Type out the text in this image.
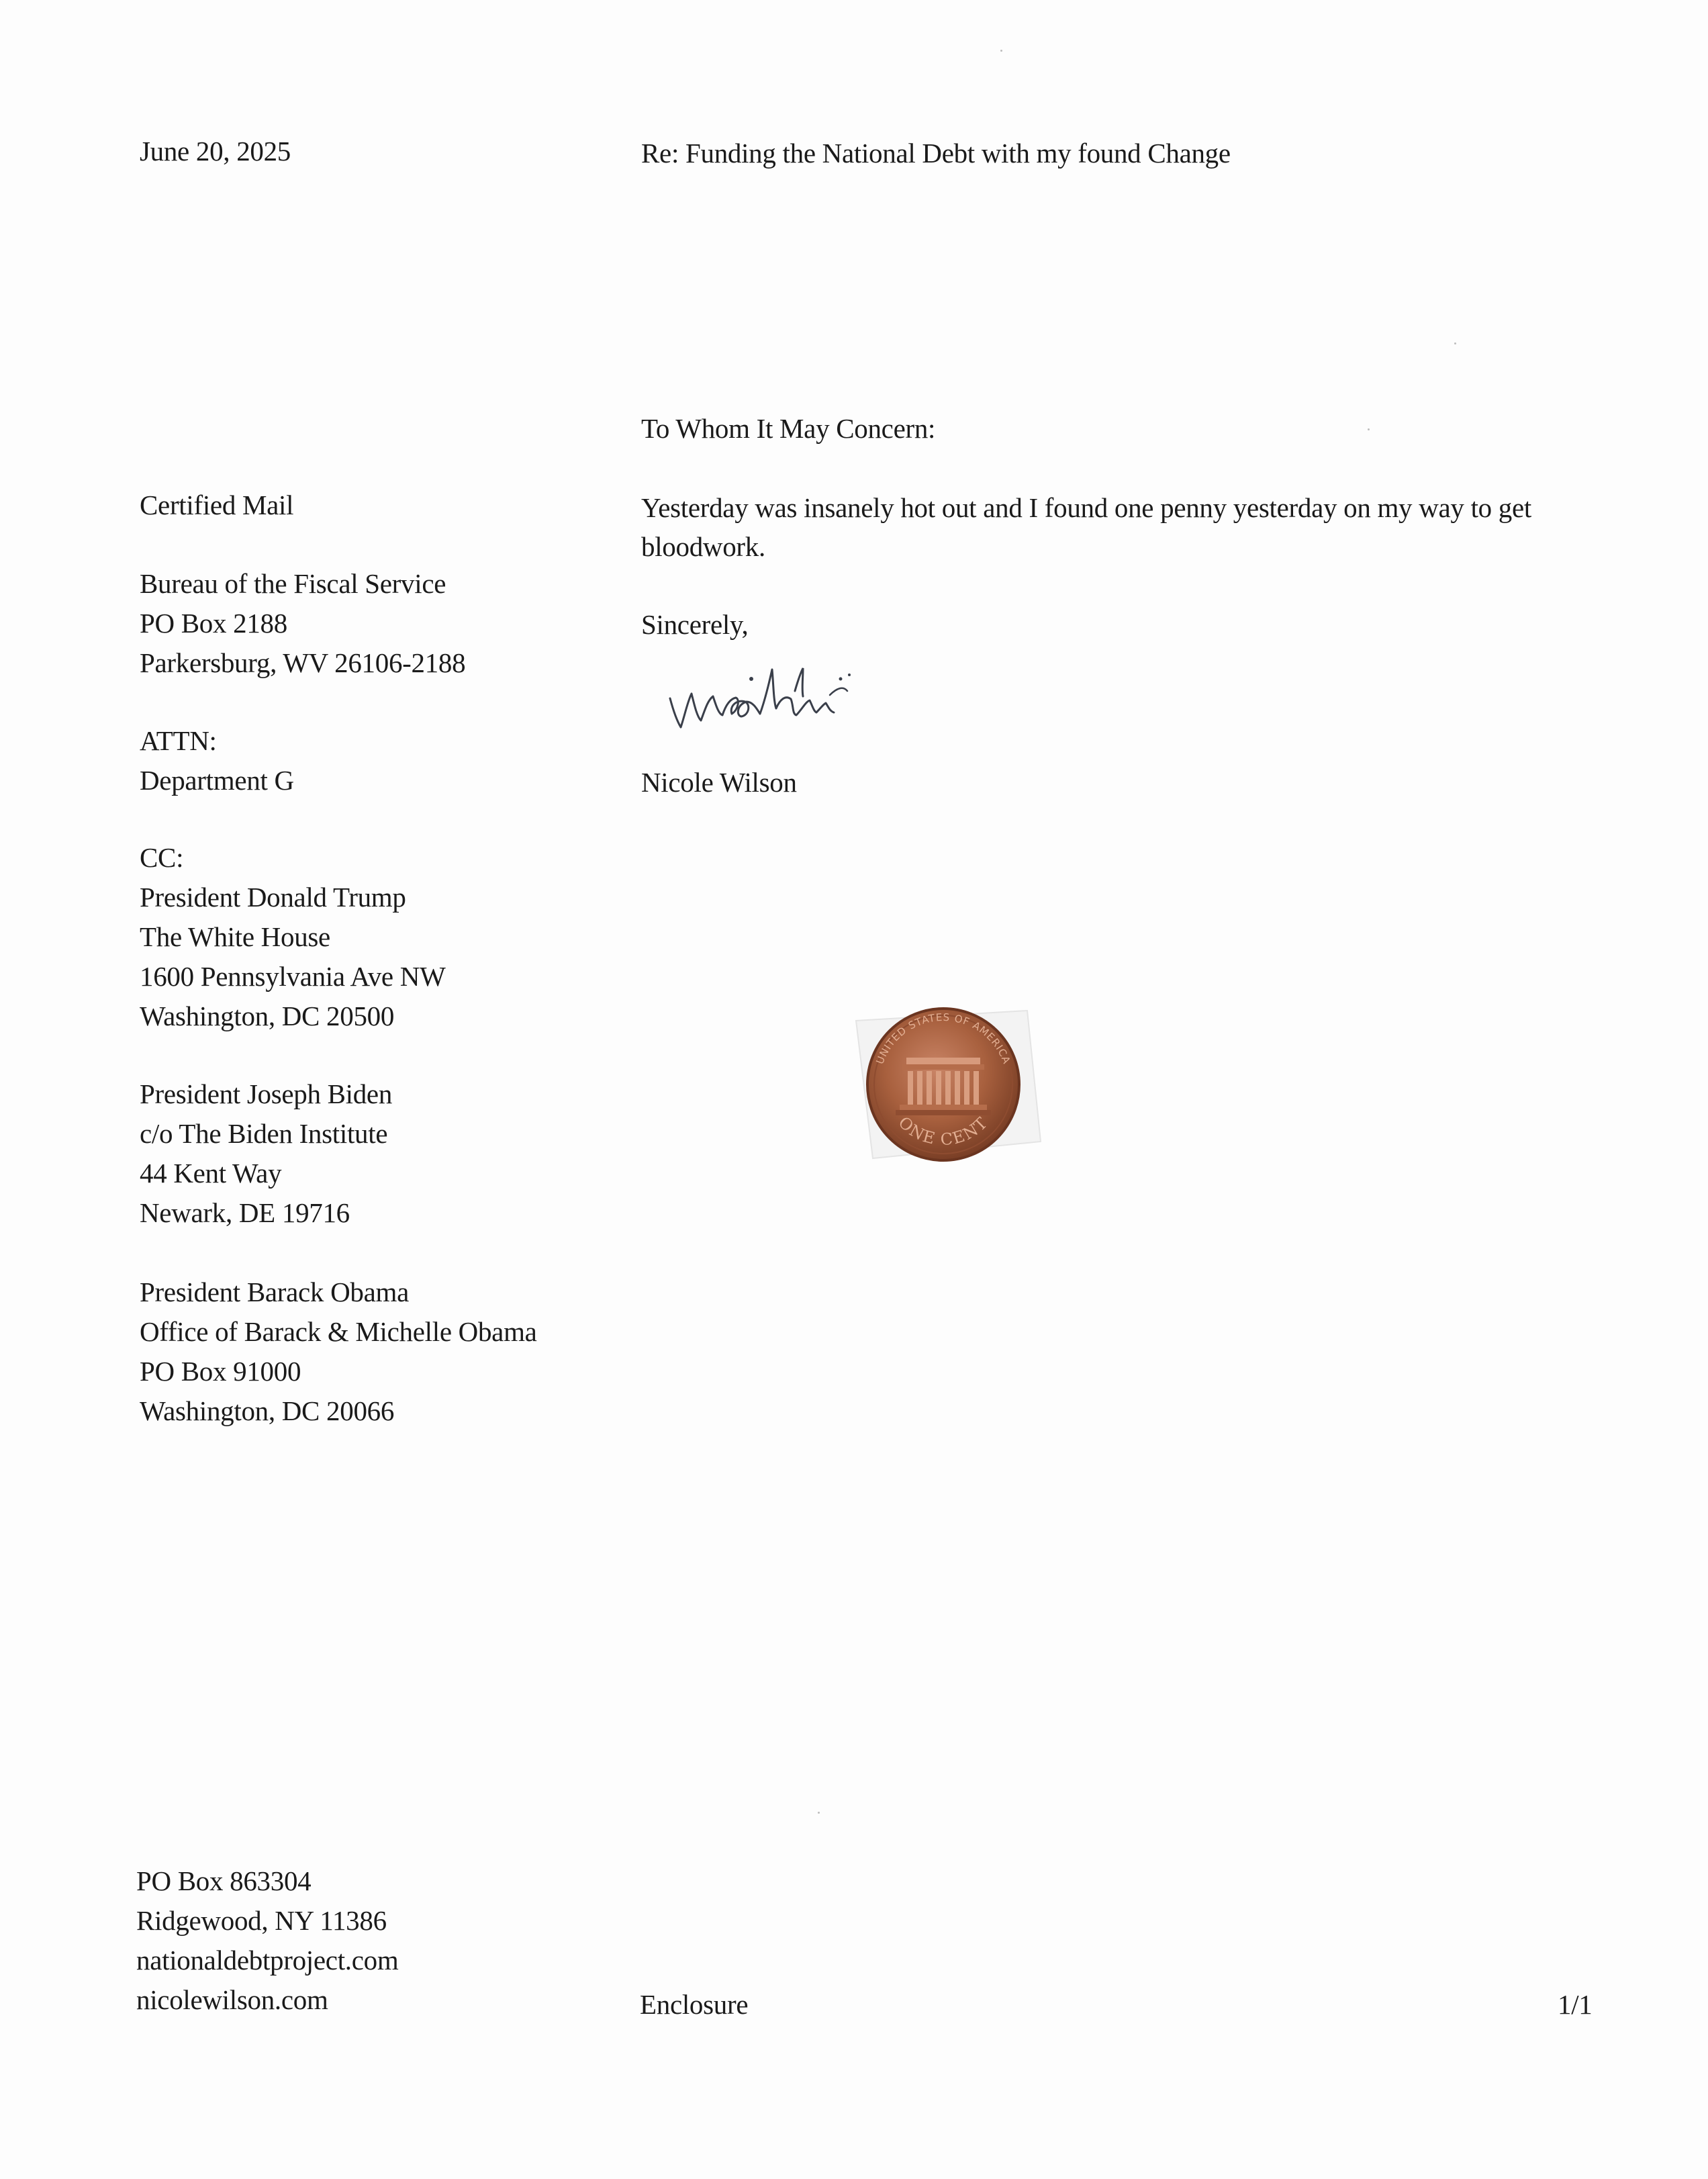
June 20, 2025	Re: Funding the National Debt with my found Change
To Whom It May Concern:
Yesterday was insanely hot out and I found one penny yesterday on my way to get bloodwork.
Sincerely,
Nicole Wilson
Certified Mail
Bureau of the Fiscal Service
PO Box 2188
Parkersburg, WV 26106-2188
ATTN:
Department G
CC:
President Donald Trump
The White House
1600 Pennsylvania Ave NW
Washington, DC 20500
President Joseph Biden
c/o The Biden Institute
44 Kent Way
Newark, DE 19716
President Barack Obama
Office of Barack & Michelle Obama
PO Box 91000
Washington, DC 20066
UNITED STATES OF AMERICA
ONE CENT
PO Box 863304
Ridgewood, NY 11386
nationaldebtproject.com
nicolewilson.com	Enclosure	1/1
